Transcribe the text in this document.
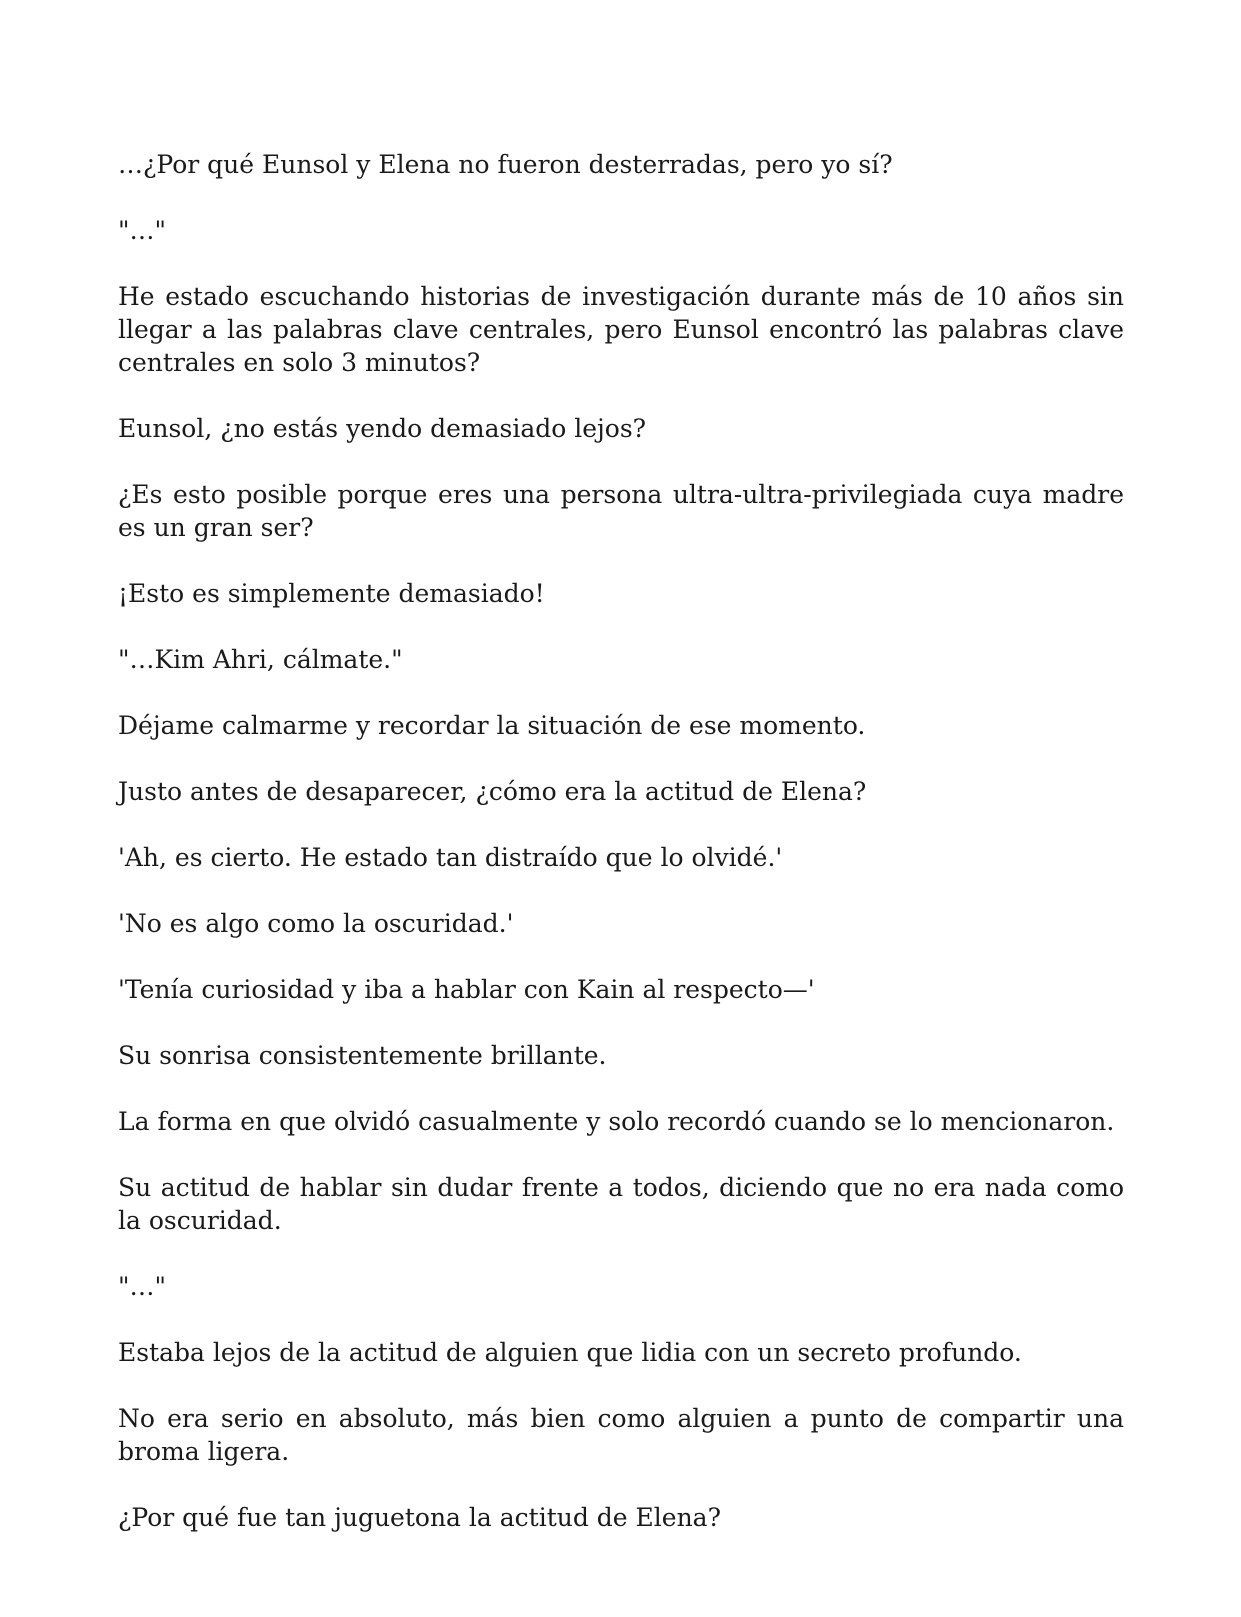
…¿Por qué Eunsol y Elena no fueron desterradas, pero yo sí?

"…"

He estado escuchando historias de investigación durante más de 10 años sin llegar a las palabras clave centrales, pero Eunsol encontró las palabras clave centrales en solo 3 minutos?

Eunsol, ¿no estás yendo demasiado lejos?

¿Es esto posible porque eres una persona ultra-ultra-privilegiada cuya madre es un gran ser?

¡Esto es simplemente demasiado!

"…Kim Ahri, cálmate."

Déjame calmarme y recordar la situación de ese momento.

Justo antes de desaparecer, ¿cómo era la actitud de Elena?

'Ah, es cierto. He estado tan distraído que lo olvidé.'

'No es algo como la oscuridad.'

'Tenía curiosidad y iba a hablar con Kain al respecto—'

Su sonrisa consistentemente brillante.

La forma en que olvidó casualmente y solo recordó cuando se lo mencionaron.

Su actitud de hablar sin dudar frente a todos, diciendo que no era nada como la oscuridad.

"…"

Estaba lejos de la actitud de alguien que lidia con un secreto profundo.

No era serio en absoluto, más bien como alguien a punto de compartir una broma ligera.

¿Por qué fue tan juguetona la actitud de Elena?
